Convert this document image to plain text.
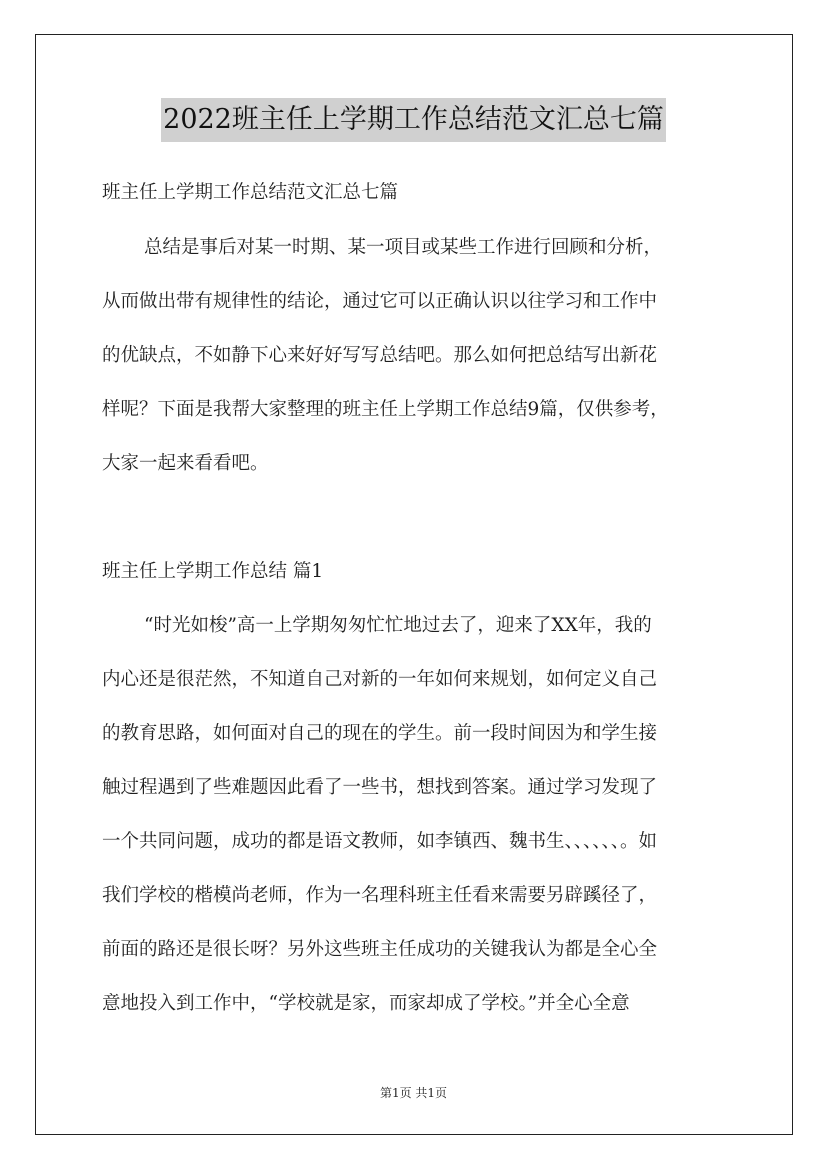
2022班主任上学期工作总结范文汇总七篇
班主任上学期工作总结范文汇总七篇
总结是事后对某一时期、某一项目或某些工作进行回顾和分析，
从而做出带有规律性的结论，通过它可以正确认识以往学习和工作中
的优缺点，不如静下心来好好写写总结吧。那么如何把总结写出新花
样呢？下面是我帮大家整理的班主任上学期工作总结9篇，仅供参考，
大家一起来看看吧。
班主任上学期工作总结 篇1
“时光如梭”高一上学期匆匆忙忙地过去了，迎来了XX年，我的
内心还是很茫然，不知道自己对新的一年如何来规划，如何定义自己
的教育思路，如何面对自己的现在的学生。前一段时间因为和学生接
触过程遇到了些难题因此看了一些书，想找到答案。通过学习发现了
一个共同问题，成功的都是语文教师，如李镇西、魏书生、、、、、、。如
我们学校的楷模尚老师，作为一名理科班主任看来需要另辟蹊径了，
前面的路还是很长呀？另外这些班主任成功的关键我认为都是全心全
意地投入到工作中，“学校就是家，而家却成了学校。”并全心全意
第1页 共1页
